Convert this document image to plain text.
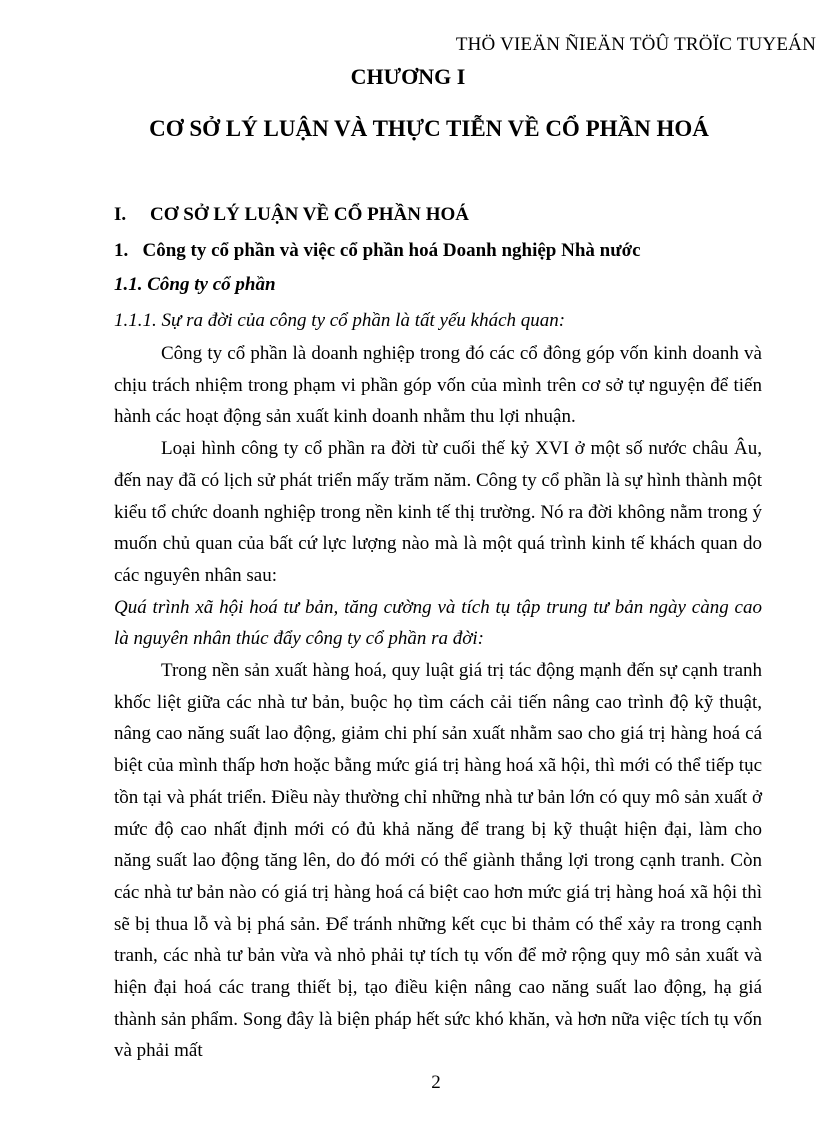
THÖ VIEÄN ÑIEÄN TÖÛ TRÖÏC TUYEÁN
CHƯƠNG I
CƠ SỞ LÝ LUẬN VÀ THỰC TIỄN VỀ CỔ PHẦN HOÁ
I. CƠ SỞ LÝ LUẬN VỀ CỔ PHẦN HOÁ
1.   Công ty cổ phần và việc cổ phần hoá Doanh nghiệp Nhà nước
1.1. Công ty cổ phần
1.1.1. Sự ra đời của công ty cổ phần là tất yếu khách quan:

Công ty cổ phần là doanh nghiệp trong đó các cổ đông góp vốn kinh doanh và chịu trách nhiệm trong phạm vi phần góp vốn của mình trên cơ sở tự nguyện để tiến hành các hoạt động sản xuất kinh doanh nhằm thu lợi nhuận.

Loại hình công ty cổ phần ra đời từ cuối thế kỷ XVI ở một số nước châu Âu, đến nay đã có lịch sử phát triển mấy trăm năm. Công ty cổ phần là sự hình thành một kiểu tổ chức doanh nghiệp trong nền kinh tế thị trường. Nó ra đời không nằm trong ý muốn chủ quan của bất cứ lực lượng nào mà là một quá trình kinh tế khách quan do các nguyên nhân sau:

Quá trình xã hội hoá tư bản, tăng cường và tích tụ tập trung tư bản ngày càng cao là nguyên nhân thúc đẩy công ty cổ phần ra đời:

Trong nền sản xuất hàng hoá, quy luật giá trị tác động mạnh đến sự cạnh tranh khốc liệt giữa các nhà tư bản, buộc họ tìm cách cải tiến nâng cao trình độ kỹ thuật, nâng cao năng suất lao động, giảm chi phí sản xuất nhằm sao cho giá trị hàng hoá cá biệt của mình thấp hơn hoặc bằng mức giá trị hàng hoá xã hội, thì mới có thể tiếp tục tồn tại và phát triển. Điều này thường chỉ những nhà tư bản lớn có quy mô sản xuất ở mức độ cao nhất định mới có đủ khả năng để trang bị kỹ thuật hiện đại, làm cho năng suất lao động tăng lên, do đó mới có thể giành thắng lợi trong cạnh tranh. Còn các nhà tư bản nào có giá trị hàng hoá cá biệt cao hơn mức giá trị hàng hoá xã hội thì sẽ bị thua lỗ và bị phá sản. Để tránh những kết cục bi thảm có thể xảy ra trong cạnh tranh, các nhà tư bản vừa và nhỏ phải tự tích tụ vốn để mở rộng quy mô sản xuất và hiện đại hoá các trang thiết bị, tạo điều kiện nâng cao năng suất lao động, hạ giá thành sản phẩm. Song đây là biện pháp hết sức khó khăn, và hơn nữa việc tích tụ vốn và phải mất

2
